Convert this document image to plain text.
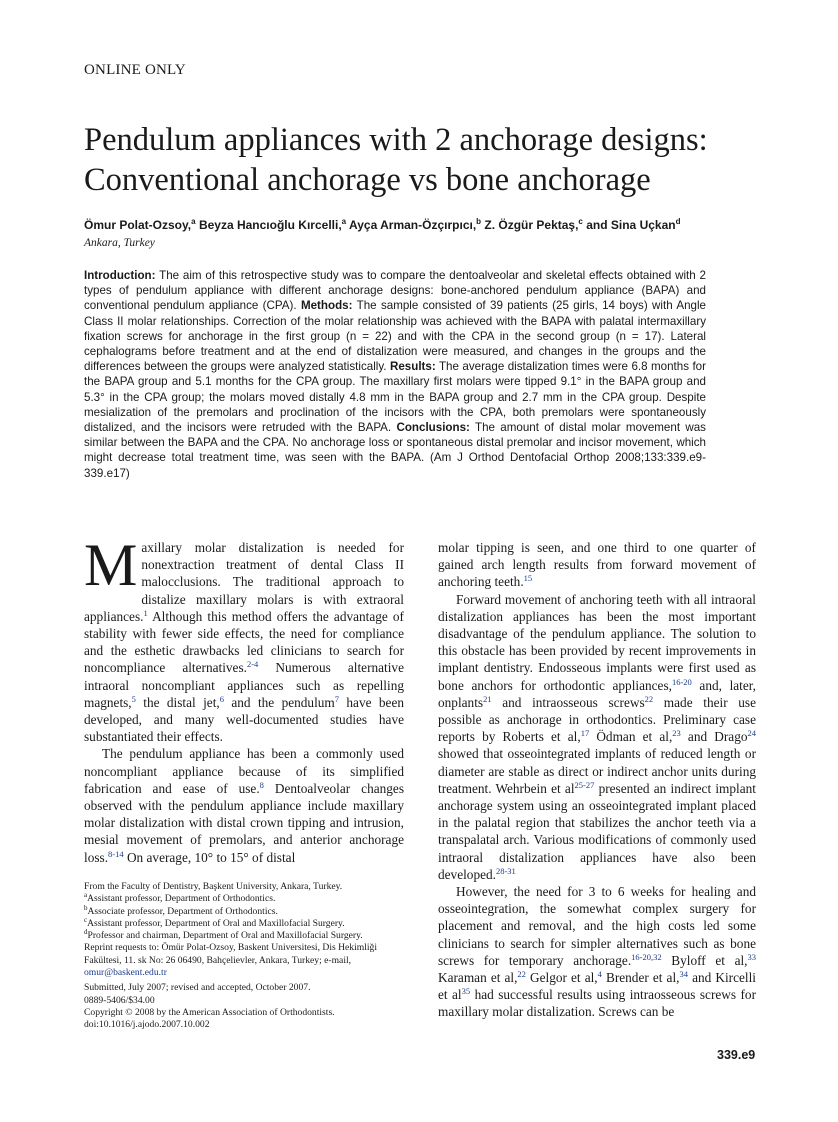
ONLINE ONLY
Pendulum appliances with 2 anchorage designs:
Conventional anchorage vs bone anchorage
Ömur Polat-Ozsoy,$^a$ Beyza Hancıoğlu Kırcelli,$^a$ Ayça Arman-Özçırpıcı,$^b$ Z. Özgür Pektaş,$^c$ and Sina Uçkan$^d$
Ankara, Turkey

Introduction: The aim of this retrospective study was to compare the dentoalveolar and skeletal effects obtained with 2 types of pendulum appliance with different anchorage designs: bone-anchored pendulum appliance (BAPA) and conventional pendulum appliance (CPA). Methods: The sample consisted of 39 patients (25 girls, 14 boys) with Angle Class II molar relationships. Correction of the molar relationship was achieved with the BAPA with palatal intermaxillary fixation screws for anchorage in the first group (n = 22) and with the CPA in the second group (n = 17). Lateral cephalograms before treatment and at the end of distalization were measured, and changes in the groups and the differences between the groups were analyzed statistically. Results: The average distalization times were 6.8 months for the BAPA group and 5.1 months for the CPA group. The maxillary first molars were tipped 9.1° in the BAPA group and 5.3° in the CPA group; the molars moved distally 4.8 mm in the BAPA group and 2.7 mm in the CPA group. Despite mesialization of the premolars and proclination of the incisors with the CPA, both premolars were spontaneously distalized, and the incisors were retruded with the BAPA. Conclusions: The amount of distal molar movement was similar between the BAPA and the CPA. No anchorage loss or spontaneous distal premolar and incisor movement, which might decrease total treatment time, was seen with the BAPA. (Am J Orthod Dentofacial Orthop 2008;133:339.e9-339.e17)

Maxillary molar distalization is needed for nonextraction treatment of dental Class II malocclusions. The traditional approach to distalize maxillary molars is with extraoral appliances.$^1$ Although this method offers the advantage of stability with fewer side effects, the need for compliance and the esthetic drawbacks led clinicians to search for noncompliance alternatives.$^{2-4}$ Numerous alternative intraoral noncompliant appliances such as repelling magnets,$^5$ the distal jet,$^6$ and the pendulum$^7$ have been developed, and many well-documented studies have substantiated their effects.

The pendulum appliance has been a commonly used noncompliant appliance because of its simplified fabrication and ease of use.$^8$ Dentoalveolar changes observed with the pendulum appliance include maxillary molar distalization with distal crown tipping and intrusion, mesial movement of premolars, and anterior anchorage loss.$^{8-14}$ On average, 10° to 15° of distal

From the Faculty of Dentistry, Başkent University, Ankara, Turkey.
$^a$Assistant professor, Department of Orthodontics.
$^b$Associate professor, Department of Orthodontics.
$^c$Assistant professor, Department of Oral and Maxillofacial Surgery.
$^d$Professor and chairman, Department of Oral and Maxillofacial Surgery.
Reprint requests to: Ömür Polat-Ozsoy, Baskent Universitesi, Dis Hekimliği Fakültesi, 11. sk No: 26 06490, Bahçelievler, Ankara, Turkey; e-mail, omur@baskent.edu.tr
Submitted, July 2007; revised and accepted, October 2007.
0889-5406/$34.00
Copyright © 2008 by the American Association of Orthodontists.
doi:10.1016/j.ajodo.2007.10.002

molar tipping is seen, and one third to one quarter of gained arch length results from forward movement of anchoring teeth.$^{15}$

Forward movement of anchoring teeth with all intraoral distalization appliances has been the most important disadvantage of the pendulum appliance. The solution to this obstacle has been provided by recent improvements in implant dentistry. Endosseous implants were first used as bone anchors for orthodontic appliances,$^{16-20}$ and, later, onplants$^{21}$ and intraosseous screws$^{22}$ made their use possible as anchorage in orthodontics. Preliminary case reports by Roberts et al,$^{17}$ Ödman et al,$^{23}$ and Drago$^{24}$ showed that osseointegrated implants of reduced length or diameter are stable as direct or indirect anchor units during treatment. Wehrbein et $al^{25-27}$ presented an indirect implant anchorage system using an osseointegrated implant placed in the palatal region that stabilizes the anchor teeth via a transpalatal arch. Various modifications of commonly used intraoral distalization appliances have also been developed.$^{28-31}$

However, the need for 3 to 6 weeks for healing and osseointegration, the somewhat complex surgery for placement and removal, and the high costs led some clinicians to search for simpler alternatives such as bone screws for temporary anchorage.$^{16-20,32}$ Byloff et al,$^{33}$ Karaman et al,$^{22}$ Gelgor et al,$^4$ Brender et al,$^{34}$ and Kircelli et $al^{35}$ had successful results using intraosseous screws for maxillary molar distalization. Screws can be

339.e9
